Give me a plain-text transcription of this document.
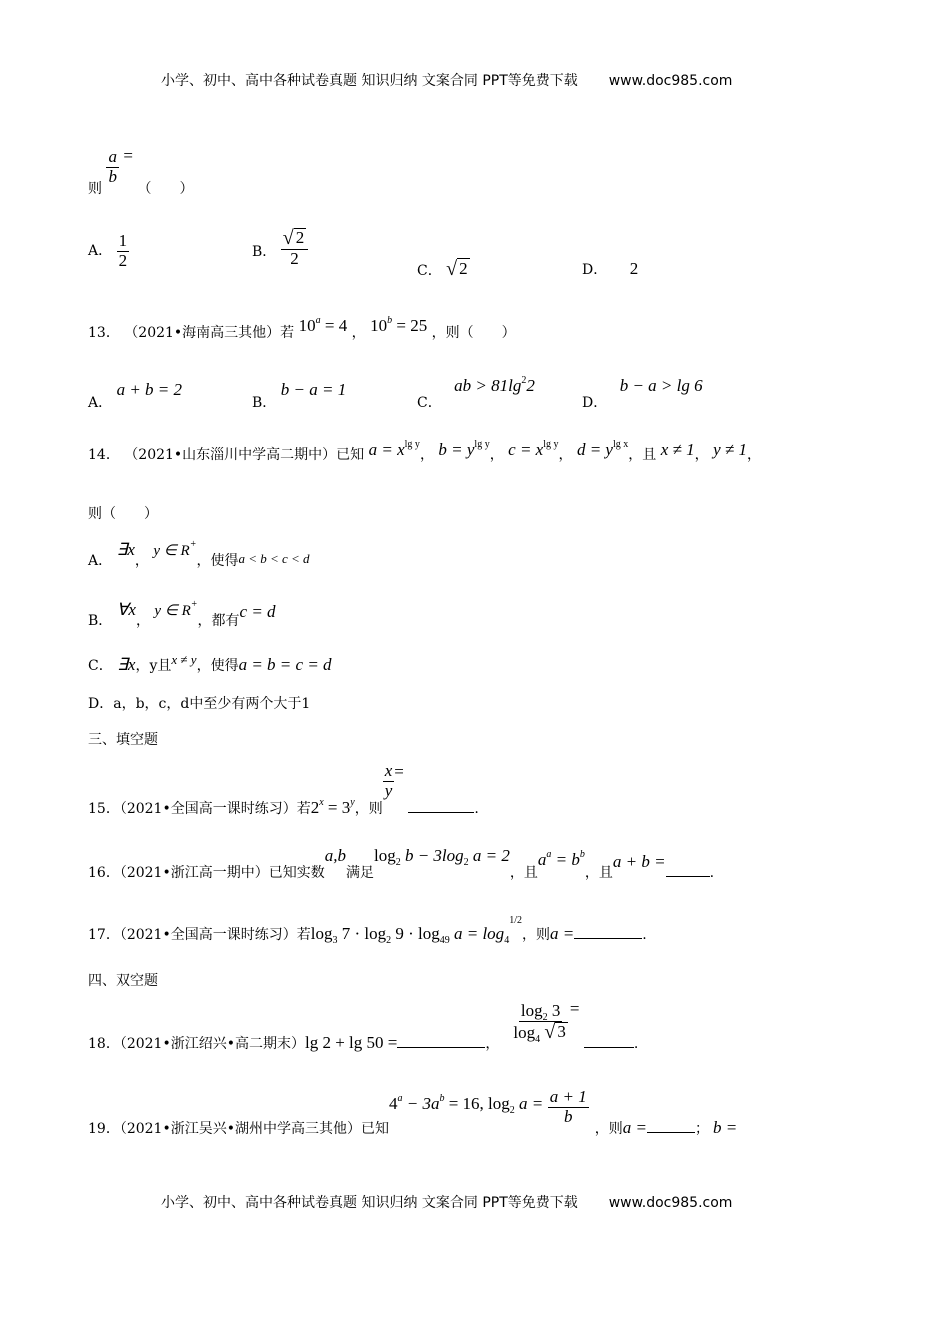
小学、初中、高中各种试卷真题 知识归纳 文案合同 PPT等免费下载 www.doc985.com
则
$\frac{a}{b}$ = （　　）
A． $\frac{1}{2}$	B． $\frac{√ 2}{2}$
C． √ 2	D． 2
13． （2021•海南高三其他）若 $10^a = 4$ ， $10^b = 25$ ，则（　　）
A． a + b = 2
B． b − a = 1
C． ab > $81\lg^22$
D． b − a > lg 6
14． （2021•山东淄川中学高二期中）已知 $a = x^{lg y}$， $b = y^{lg y}$， $c = x^{lg y}$， $d = y^{lg x}$，且 x ≠ 1， y ≠ 1，
则（　　）
A． ∃x， y ∈ R+，使得a < b < c < d
B． ∀x， y ∈ R+，都有c = d
C． ∃x，y且x ≠ y，使得a = b = c = d
D．a，b，c，d中至少有两个大于1
三、填空题
15．（2021•全国高一课时练习）若$2^x = 3^y$，则
$\frac{x}{y}$ = .
16．（2021•浙江高一期中）已知实数a,b满足$\log_2 b - 3\log_2$ a = 2，且$a^a = b^b$，且a + b =.
17．（2021•全国高一课时练习）若$\log_3 7 \cdot \log_2 9 \cdot \log_{49} a = \log_4^{1/2}$，则a =	.
四、双空题
18．（2021•浙江绍兴•高二期末）lg 2 + lg 50 =	，
$\frac{\log_2 3}{\log_4 √ 3}$ = .
19．（2021•浙江吴兴•湖州中学高三其他）已知$4^a - 3a^b = 16$, $\log_2 a = \frac{a + 1}{b}$
，则a =	； b =
小学、初中、高中各种试卷真题 知识归纳 文案合同 PPT等免费下载 www.doc985.com
